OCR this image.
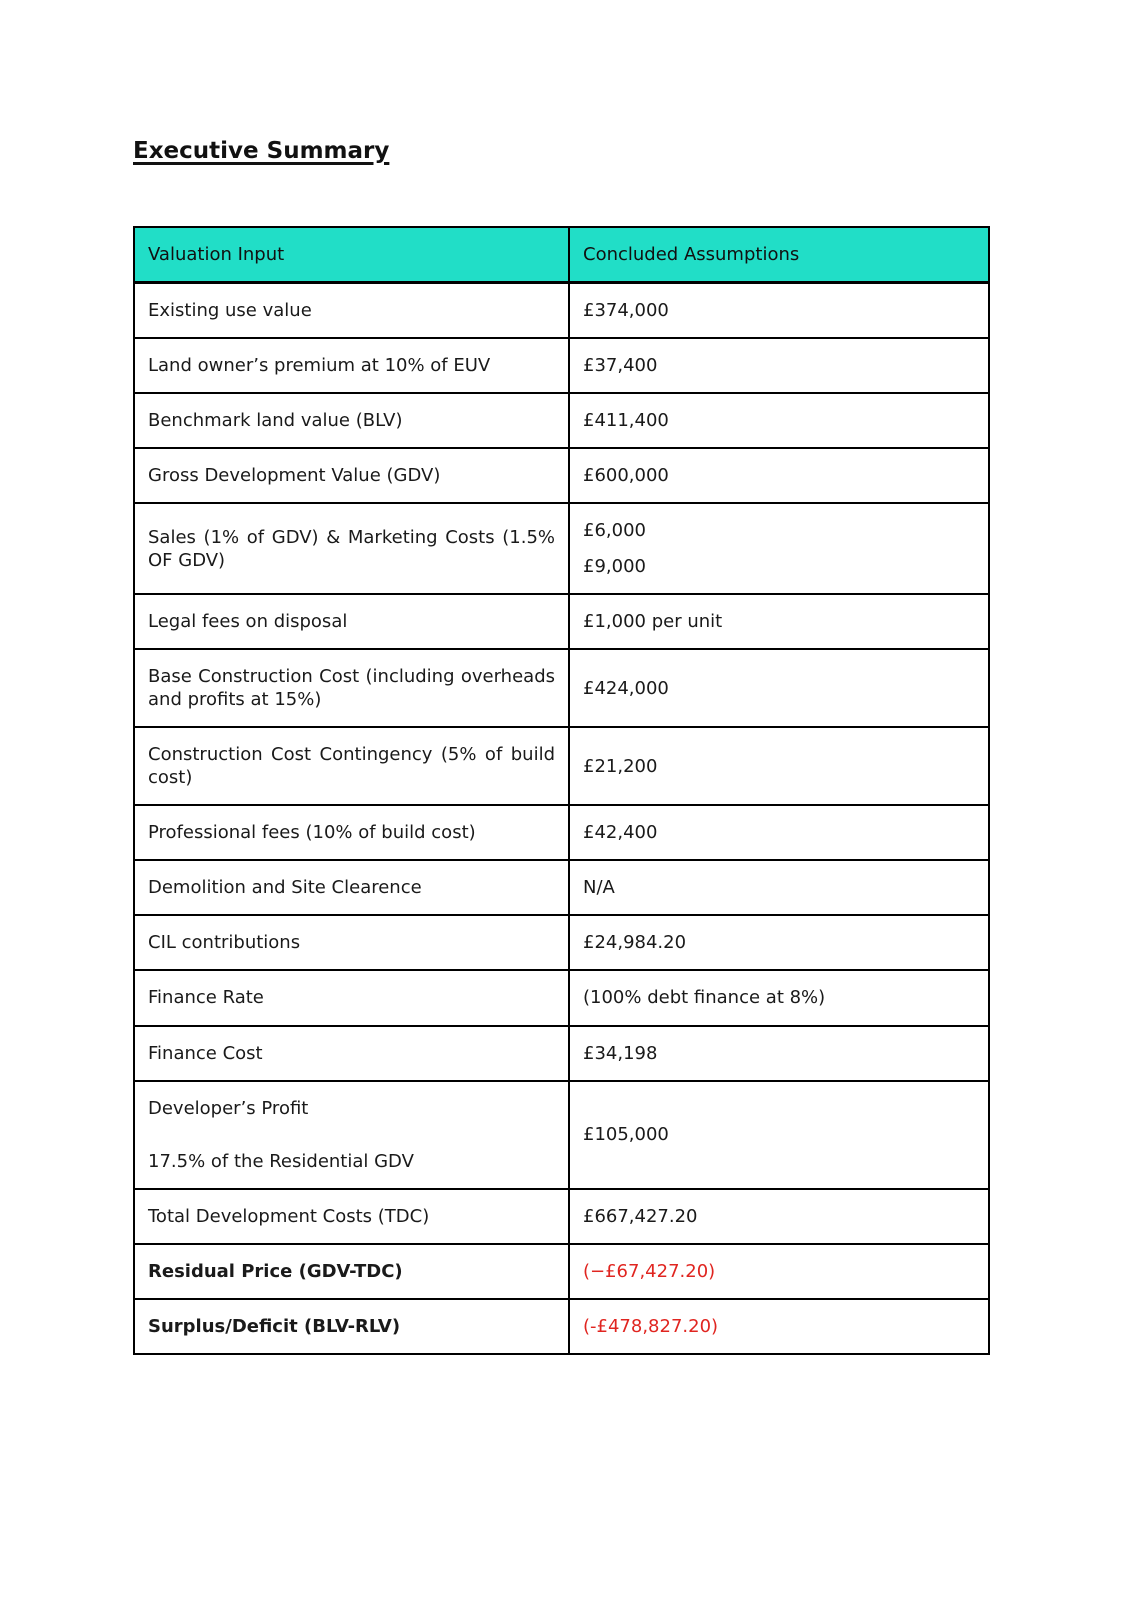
Executive Summary
Valuation Input	Concluded Assumptions

Existing use value	£374,000

Land owner’s premium at 10% of EUV	£37,400

Benchmark land value (BLV)	£411,400

Gross Development Value (GDV)	£600,000

Sales (1% of GDV) & Marketing Costs (1.5% OF GDV)	£6,000

£9,000

Legal fees on disposal	£1,000 per unit

Base Construction Cost (including overheads and profits at 15%)	£424,000

Construction Cost Contingency (5% of build cost)	£21,200

Professional fees (10% of build cost)	£42,400

Demolition and Site Clearence	N/A

CIL contributions	£24,984.20

Finance Rate	(100% debt finance at 8%)

Finance Cost	£34,198

Developer’s Profit

17.5% of the Residential GDV	£105,000

Total Development Costs (TDC)	£667,427.20

Residual Price (GDV-TDC)	(−£67,427.20)

Surplus/Deficit (BLV-RLV)	(-£478,827.20)
